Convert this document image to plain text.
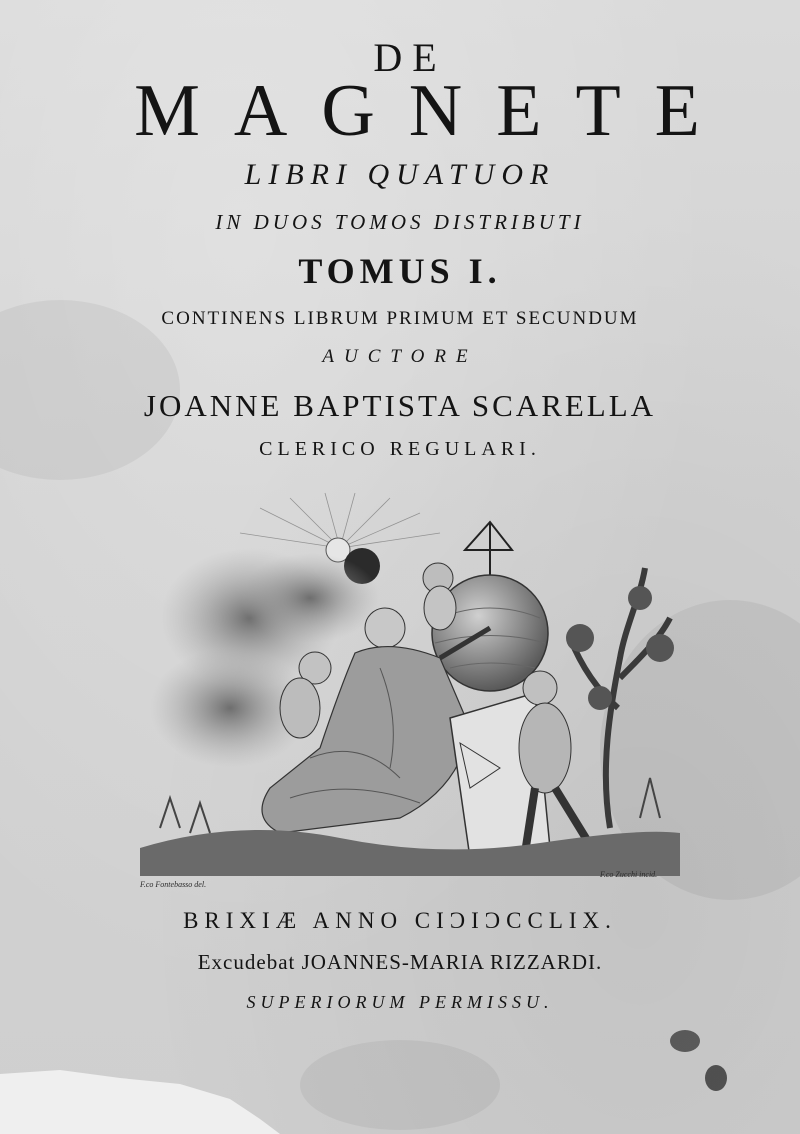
DE
MAGNETE
LIBRI QUATUOR
IN DUOS TOMOS DISTRIBUTI
TOMUS I.
CONTINENS LIBRUM PRIMUM ET SECUNDUM
AUCTORE
JOANNE BAPTISTA SCARELLA
CLERICO REGULARI.
F.co Fontebasso del.
F.co Zucchi incid.
BRIXIÆ ANNO CIƆIƆCCLIX.
Excudebat JOANNES-MARIA RIZZARDI.
SUPERIORUM PERMISSU.
